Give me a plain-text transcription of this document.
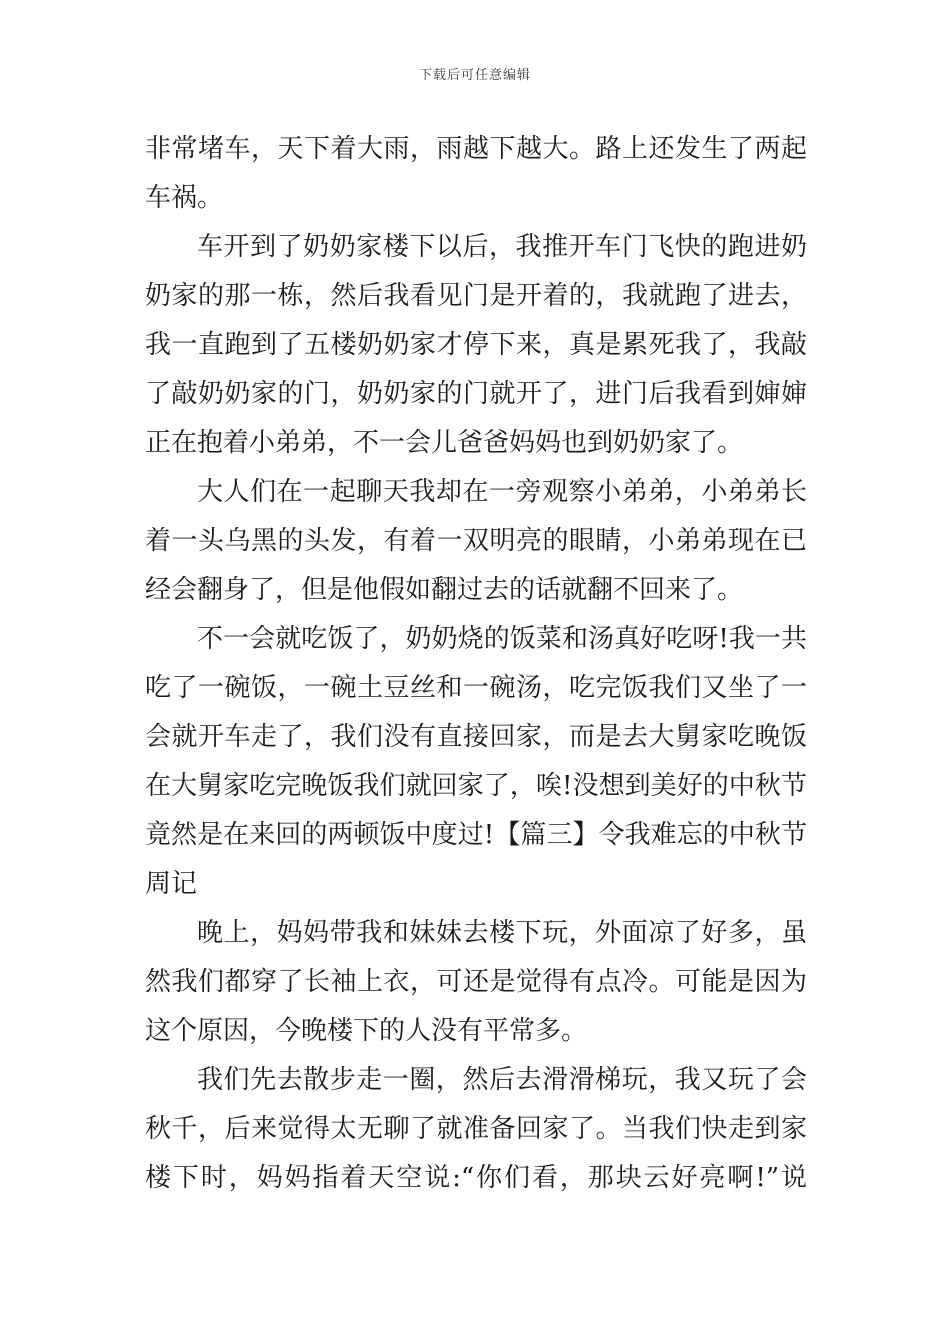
下载后可任意编辑
非常堵车，天下着大雨，雨越下越大。路上还发生了两起
车祸。
车开到了奶奶家楼下以后，我推开车门飞快的跑进奶
奶家的那一栋，然后我看见门是开着的，我就跑了进去，
我一直跑到了五楼奶奶家才停下来，真是累死我了，我敲
了敲奶奶家的门，奶奶家的门就开了，进门后我看到婶婶
正在抱着小弟弟，不一会儿爸爸妈妈也到奶奶家了。
大人们在一起聊天我却在一旁观察小弟弟，小弟弟长
着一头乌黑的头发，有着一双明亮的眼睛，小弟弟现在已
经会翻身了，但是他假如翻过去的话就翻不回来了。
不一会就吃饭了，奶奶烧的饭菜和汤真好吃呀!我一共
吃了一碗饭，一碗土豆丝和一碗汤，吃完饭我们又坐了一
会就开车走了，我们没有直接回家，而是去大舅家吃晚饭
在大舅家吃完晚饭我们就回家了，唉!没想到美好的中秋节
竟然是在来回的两顿饭中度过!【篇三】令我难忘的中秋节
周记
晚上，妈妈带我和妹妹去楼下玩，外面凉了好多，虽
然我们都穿了长袖上衣，可还是觉得有点冷。可能是因为
这个原因，今晚楼下的人没有平常多。
我们先去散步走一圈，然后去滑滑梯玩，我又玩了会
秋千，后来觉得太无聊了就准备回家了。当我们快走到家
楼下时，妈妈指着天空说:“你们看，那块云好亮啊!”说
